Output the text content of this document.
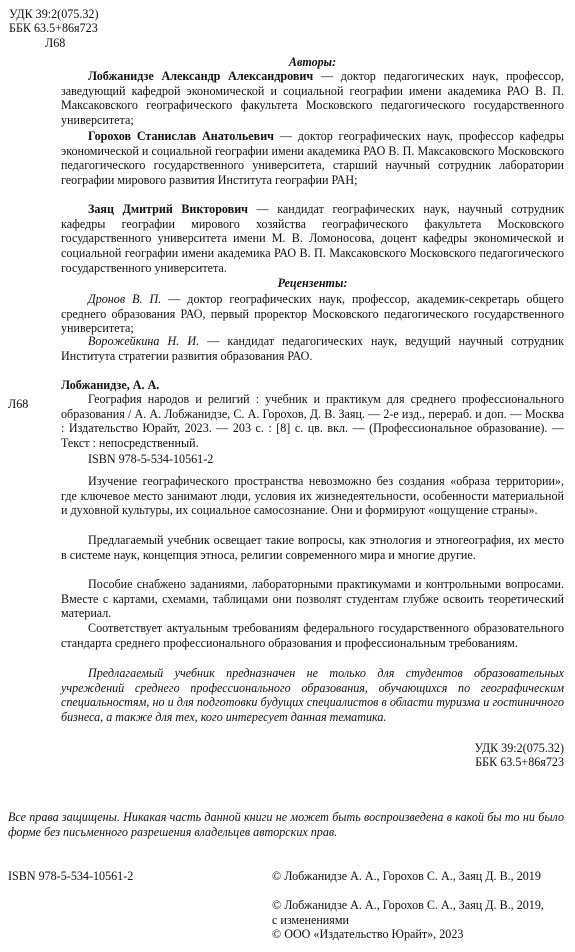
УДК 39:2(075.32)
ББК 63.5+86я723
Л68
Авторы:
Лобжанидзе Александр Александрович — доктор педагогических наук, профессор, заведующий кафедрой экономической и социальной географии имени академика РАО В. П. Максаковского географического факультета Московского педагогического государственного университета;
Горохов Станислав Анатольевич — доктор географических наук, профессор кафедры экономической и социальной географии имени академика РАО В. П. Максаковского Московского педагогического государственного университета, старший научный сотрудник лаборатории географии мирового развития Института географии РАН;
Заяц Дмитрий Викторович — кандидат географических наук, научный сотрудник кафедры географии мирового хозяйства географического факультета Московского государственного университета имени М. В. Ломоносова, доцент кафедры экономической и социальной географии имени академика РАО В. П. Максаковского Московского педагогического государственного университета.
Рецензенты:
Дронов В. П. — доктор географических наук, профессор, академик-секретарь общего среднего образования РАО, первый проректор Московского педагогического государственного университета;
Ворожейкина Н. И. — кандидат педагогических наук, ведущий научный сотрудник Института стратегии развития образования РАО.
Лобжанидзе, А. А.
Л68	География народов и религий : учебник и практикум для среднего профессионального образования / А. А. Лобжанидзе, С. А. Горохов, Д. В. Заяц. — 2-е изд., перераб. и доп. — Москва : Издательство Юрайт, 2023. — 203 с. : [8] с. цв. вкл. — (Профессиональное образование). — Текст : непосредственный.
ISBN 978-5-534-10561-2
Изучение географического пространства невозможно без создания «образа территории», где ключевое место занимают люди, условия их жизнедеятельности, особенности материальной и духовной культуры, их социальное самосознание. Они и формируют «ощущение страны».
Предлагаемый учебник освещает такие вопросы, как этнология и этногеография, их место в системе наук, концепция этноса, религии современного мира и многие другие.
Пособие снабжено заданиями, лабораторными практикумами и контрольными вопросами. Вместе с картами, схемами, таблицами они позволят студентам глубже освоить теоретический материал.
Соответствует актуальным требованиям федерального государственного образовательного стандарта среднего профессионального образования и профессиональным требованиям.
Предлагаемый учебник предназначен не только для студентов образовательных учреждений среднего профессионального образования, обучающихся по географическим специальностям, но и для подготовки будущих специалистов в области туризма и гостиничного бизнеса, а также для тех, кого интересует данная тематика.
УДК 39:2(075.32)
ББК 63.5+86я723
Все права защищены. Никакая часть данной книги не может быть воспроизведена в какой бы то ни было форме без письменного разрешения владельцев авторских прав.
ISBN 978-5-534-10561-2	© Лобжанидзе А. А., Горохов С. А., Заяц Д. В., 2019
© Лобжанидзе А. А., Горохов С. А., Заяц Д. В., 2019, с изменениями
© ООО «Издательство Юрайт», 2023
